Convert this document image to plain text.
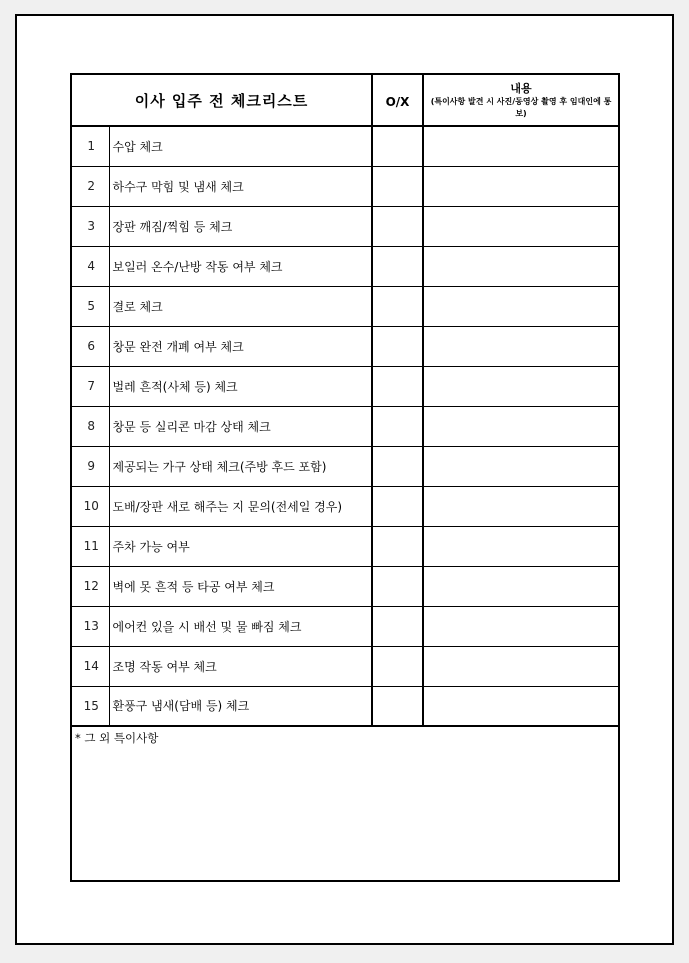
이사 입주 전 체크리스트		O/X	내용
(특이사항 발견 시 사진/동영상 촬영 후 임대인에 통보)

1	수압 체크		
2	하수구 막힘 및 냄새 체크		
3	장판 깨짐/찍힘 등 체크		
4	보일러 온수/난방 작동 여부 체크		
5	결로 체크		
6	창문 완전 개폐 여부 체크		
7	벌레 흔적(사체 등) 체크		
8	창문 등 실리콘 마감 상태 체크		
9	제공되는 가구 상태 체크(주방 후드 포함)		
10	도배/장판 새로 해주는 지 문의(전세일 경우)		
11	주차 가능 여부		
12	벽에 못 흔적 등 타공 여부 체크		
13	에어컨 있을 시 배선 및 물 빠짐 체크		
14	조명 작동 여부 체크		
15	환풍구 냄새(담배 등) 체크		
* 그 외 특이사항			
